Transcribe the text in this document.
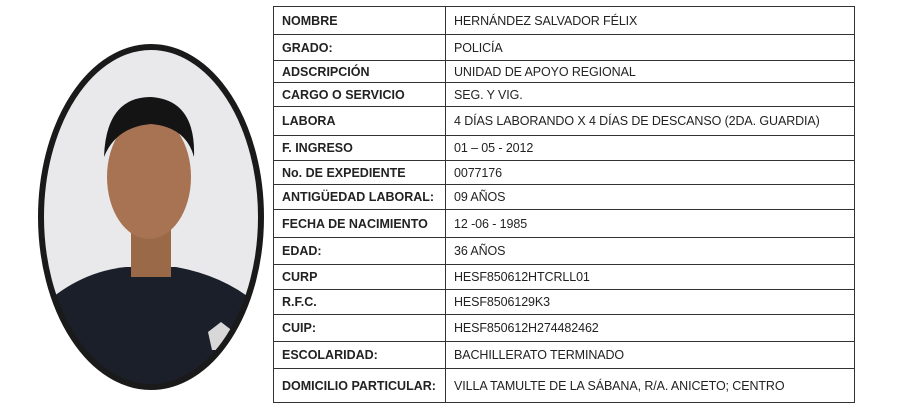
NOMBRE	HERNÁNDEZ SALVADOR FÉLIX
GRADO:	POLICÍA
ADSCRIPCIÓN	UNIDAD DE APOYO REGIONAL
CARGO O SERVICIO	SEG. Y VIG.
LABORA	4 DÍAS LABORANDO X 4 DÍAS DE DESCANSO (2DA. GUARDIA)
F. INGRESO	01 – 05 - 2012
No. DE EXPEDIENTE	0077176
ANTIGÜEDAD LABORAL:	09 AÑOS
FECHA DE NACIMIENTO	12 -06 - 1985
EDAD:	36 AÑOS
CURP	HESF850612HTCRLL01
R.F.C.	HESF8506129K3
CUIP:	HESF850612H274482462
ESCOLARIDAD:	BACHILLERATO TERMINADO
DOMICILIO PARTICULAR:	VILLA TAMULTE DE LA SÁBANA, R/A. ANICETO; CENTRO
